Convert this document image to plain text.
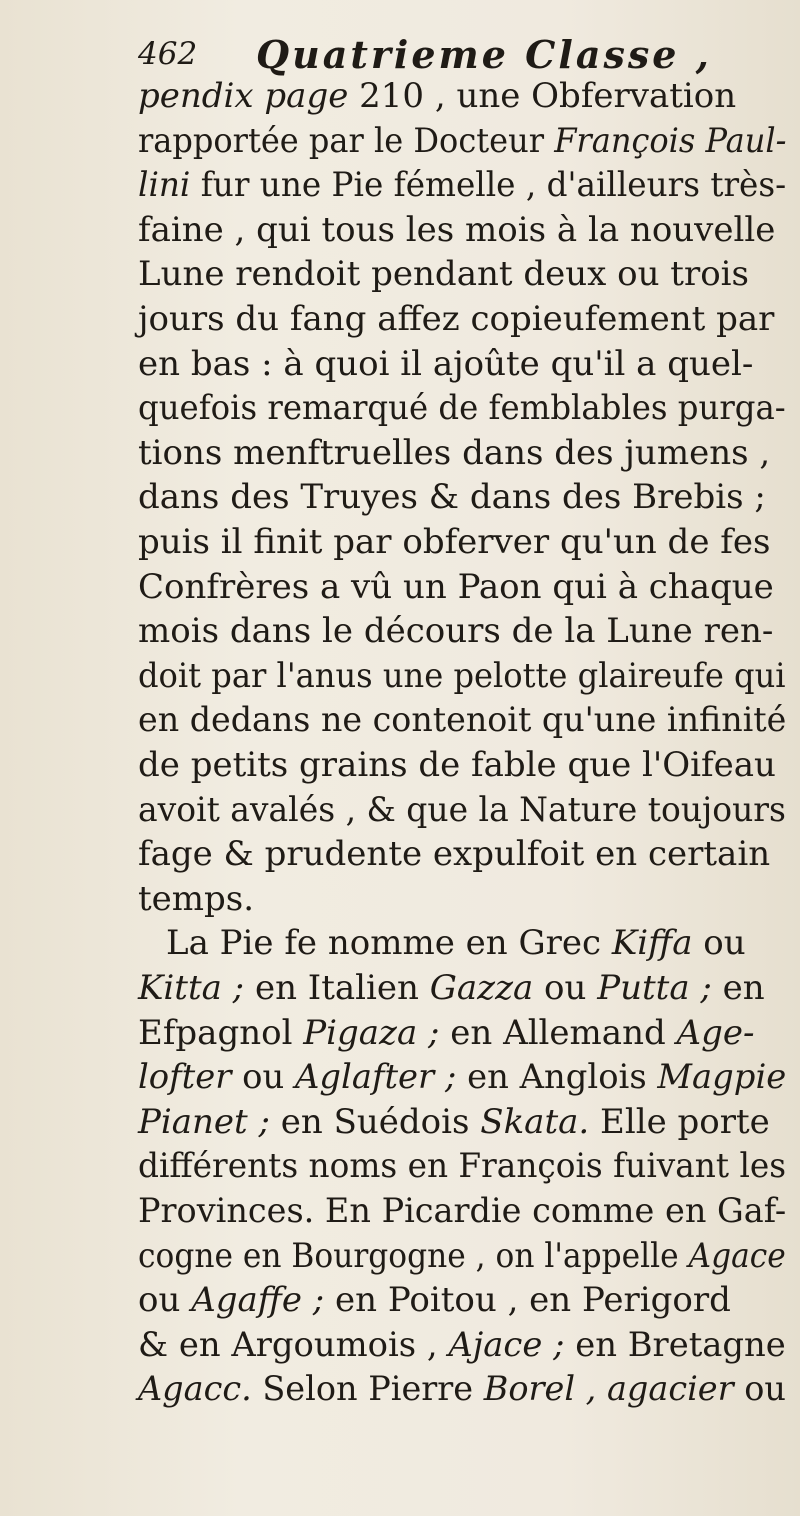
462 Quatrieme Classe ,
pendix page 210 , une Obfervation
rapportée par le Docteur François Paul-
lini fur une Pie fémelle , d'ailleurs très-
faine , qui tous les mois à la nouvelle
Lune rendoit pendant deux ou trois
jours du fang affez copieufement par
en bas : à quoi il ajoûte qu'il a quel-
quefois remarqué de femblables purga-
tions menftruelles dans des jumens ,
dans des Truyes & dans des Brebis ;
puis il finit par obferver qu'un de fes
Confrères a vû un Paon qui à chaque
mois dans le décours de la Lune ren-
doit par l'anus une pelotte glaireufe qui
en dedans ne contenoit qu'une infinité
de petits grains de fable que l'Oifeau
avoit avalés , & que la Nature toujours
fage & prudente expulfoit en certain
temps.
La Pie fe nomme en Grec Kiffa ou
Kitta ; en Italien Gazza ou Putta ; en
Efpagnol Pigaza ; en Allemand Age-
lofter ou Aglafter ; en Anglois Magpie
Pianet ; en Suédois Skata. Elle porte
différents noms en François fuivant les
Provinces. En Picardie comme en Gaf-
cogne en Bourgogne , on l'appelle Agace
ou Agaffe ; en Poitou , en Perigord
& en Argoumois , Ajace ; en Bretagne
Agacc. Selon Pierre Borel , agacier ou
